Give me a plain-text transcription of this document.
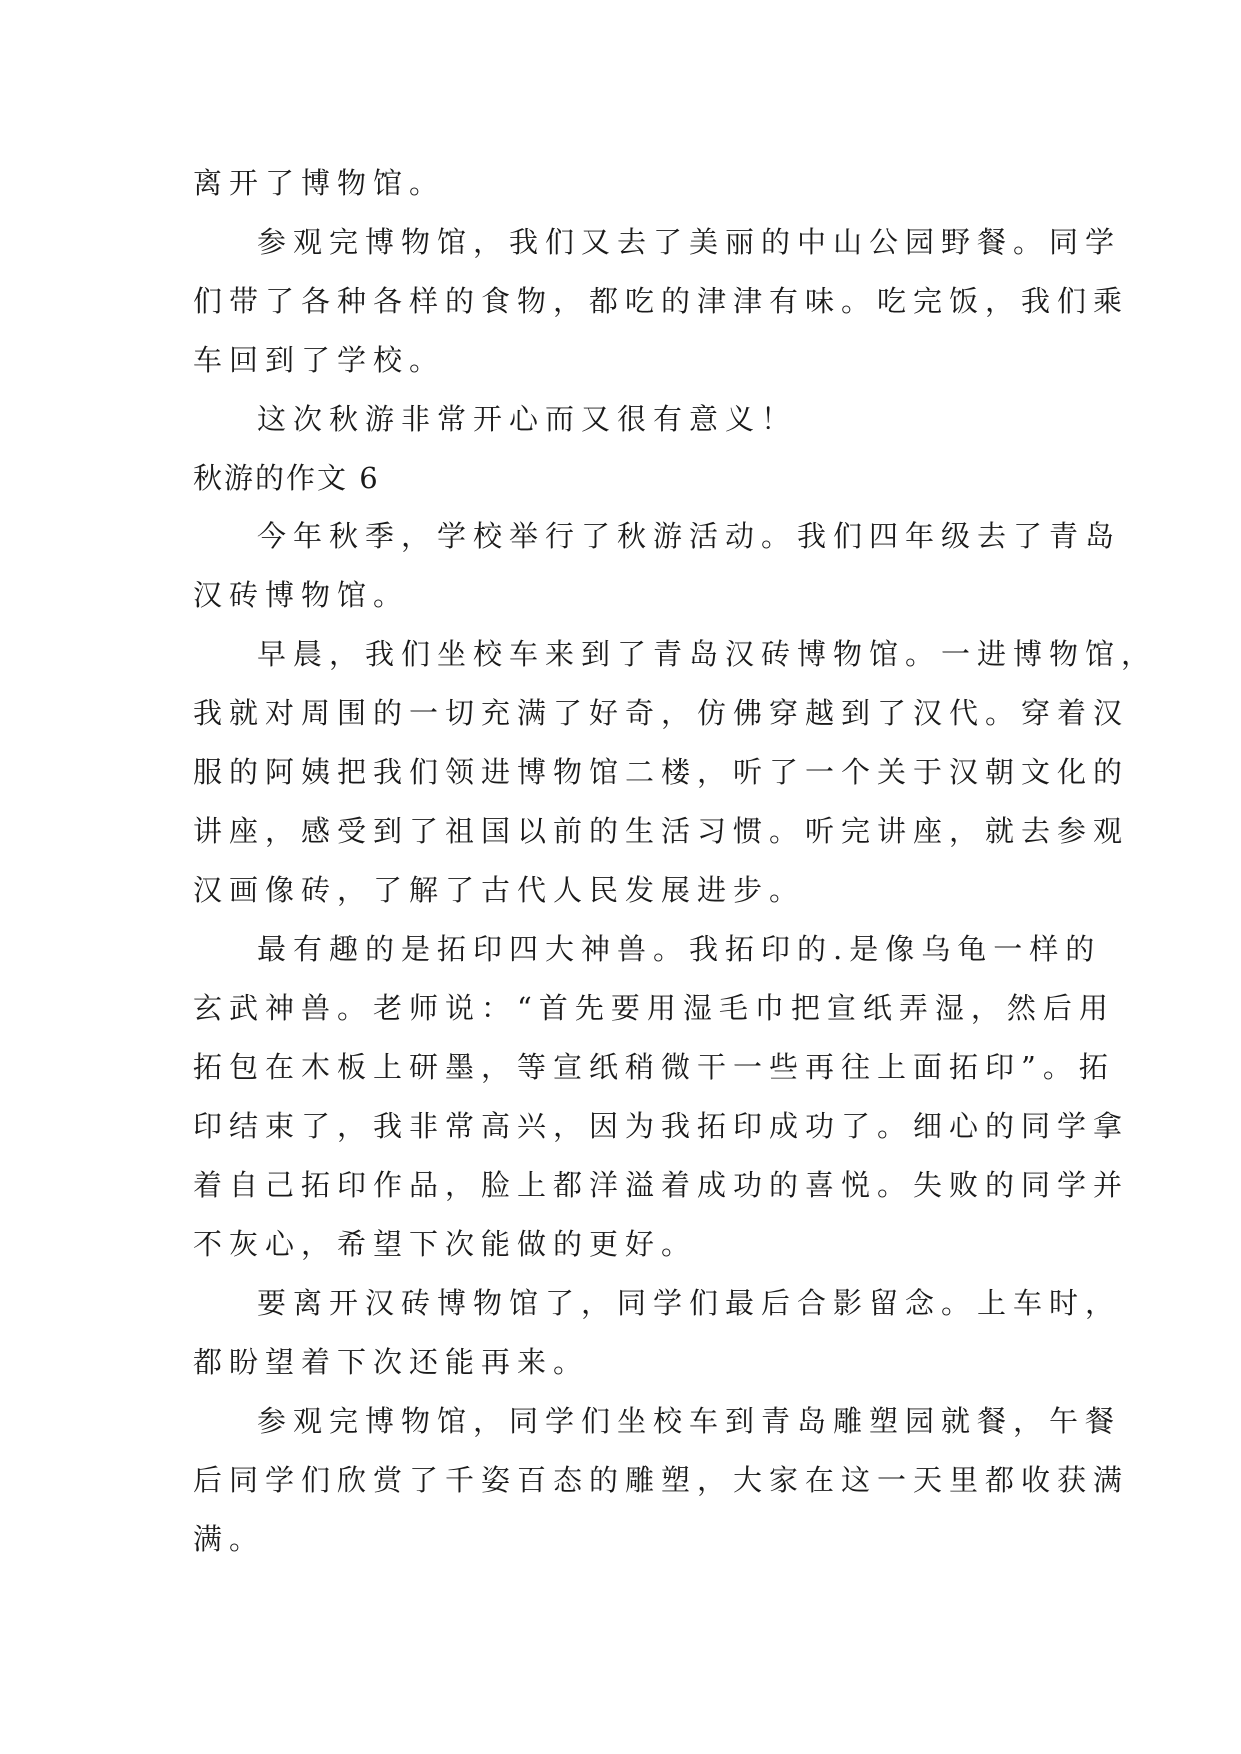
离开了博物馆。
参观完博物馆，我们又去了美丽的中山公园野餐。同学
们带了各种各样的食物，都吃的津津有味。吃完饭，我们乘
车回到了学校。
这次秋游非常开心而又很有意义！
秋游的作文 6
今年秋季，学校举行了秋游活动。我们四年级去了青岛
汉砖博物馆。
早晨，我们坐校车来到了青岛汉砖博物馆。一进博物馆，
我就对周围的一切充满了好奇，仿佛穿越到了汉代。穿着汉
服的阿姨把我们领进博物馆二楼，听了一个关于汉朝文化的
讲座，感受到了祖国以前的生活习惯。听完讲座，就去参观
汉画像砖，了解了古代人民发展进步。
最有趣的是拓印四大神兽。我拓印的.是像乌龟一样的
玄武神兽。老师说：“首先要用湿毛巾把宣纸弄湿，然后用
拓包在木板上研墨，等宣纸稍微干一些再往上面拓印”。拓
印结束了，我非常高兴，因为我拓印成功了。细心的同学拿
着自己拓印作品，脸上都洋溢着成功的喜悦。失败的同学并
不灰心，希望下次能做的更好。
要离开汉砖博物馆了，同学们最后合影留念。上车时，
都盼望着下次还能再来。
参观完博物馆，同学们坐校车到青岛雕塑园就餐，午餐
后同学们欣赏了千姿百态的雕塑，大家在这一天里都收获满
满。
